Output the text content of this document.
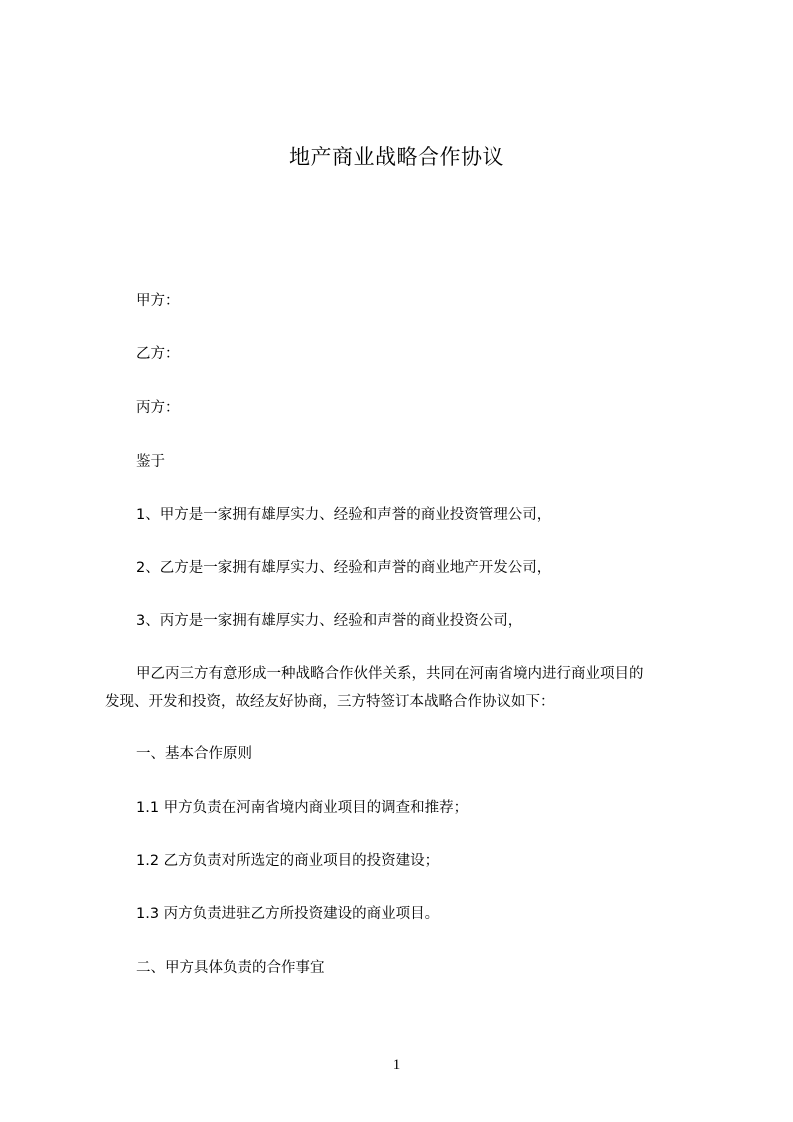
地产商业战略合作协议

甲方：

乙方：

丙方：

鉴于

1、甲方是一家拥有雄厚实力、经验和声誉的商业投资管理公司，

2、乙方是一家拥有雄厚实力、经验和声誉的商业地产开发公司，

3、丙方是一家拥有雄厚实力、经验和声誉的商业投资公司，

甲乙丙三方有意形成一种战略合作伙伴关系，共同在河南省境内进行商业项目的
发现、开发和投资，故经友好协商，三方特签订本战略合作协议如下：

一、基本合作原则

1.1 甲方负责在河南省境内商业项目的调查和推荐；

1.2 乙方负责对所选定的商业项目的投资建设；

1.3 丙方负责进驻乙方所投资建设的商业项目。

二、甲方具体负责的合作事宜

1
